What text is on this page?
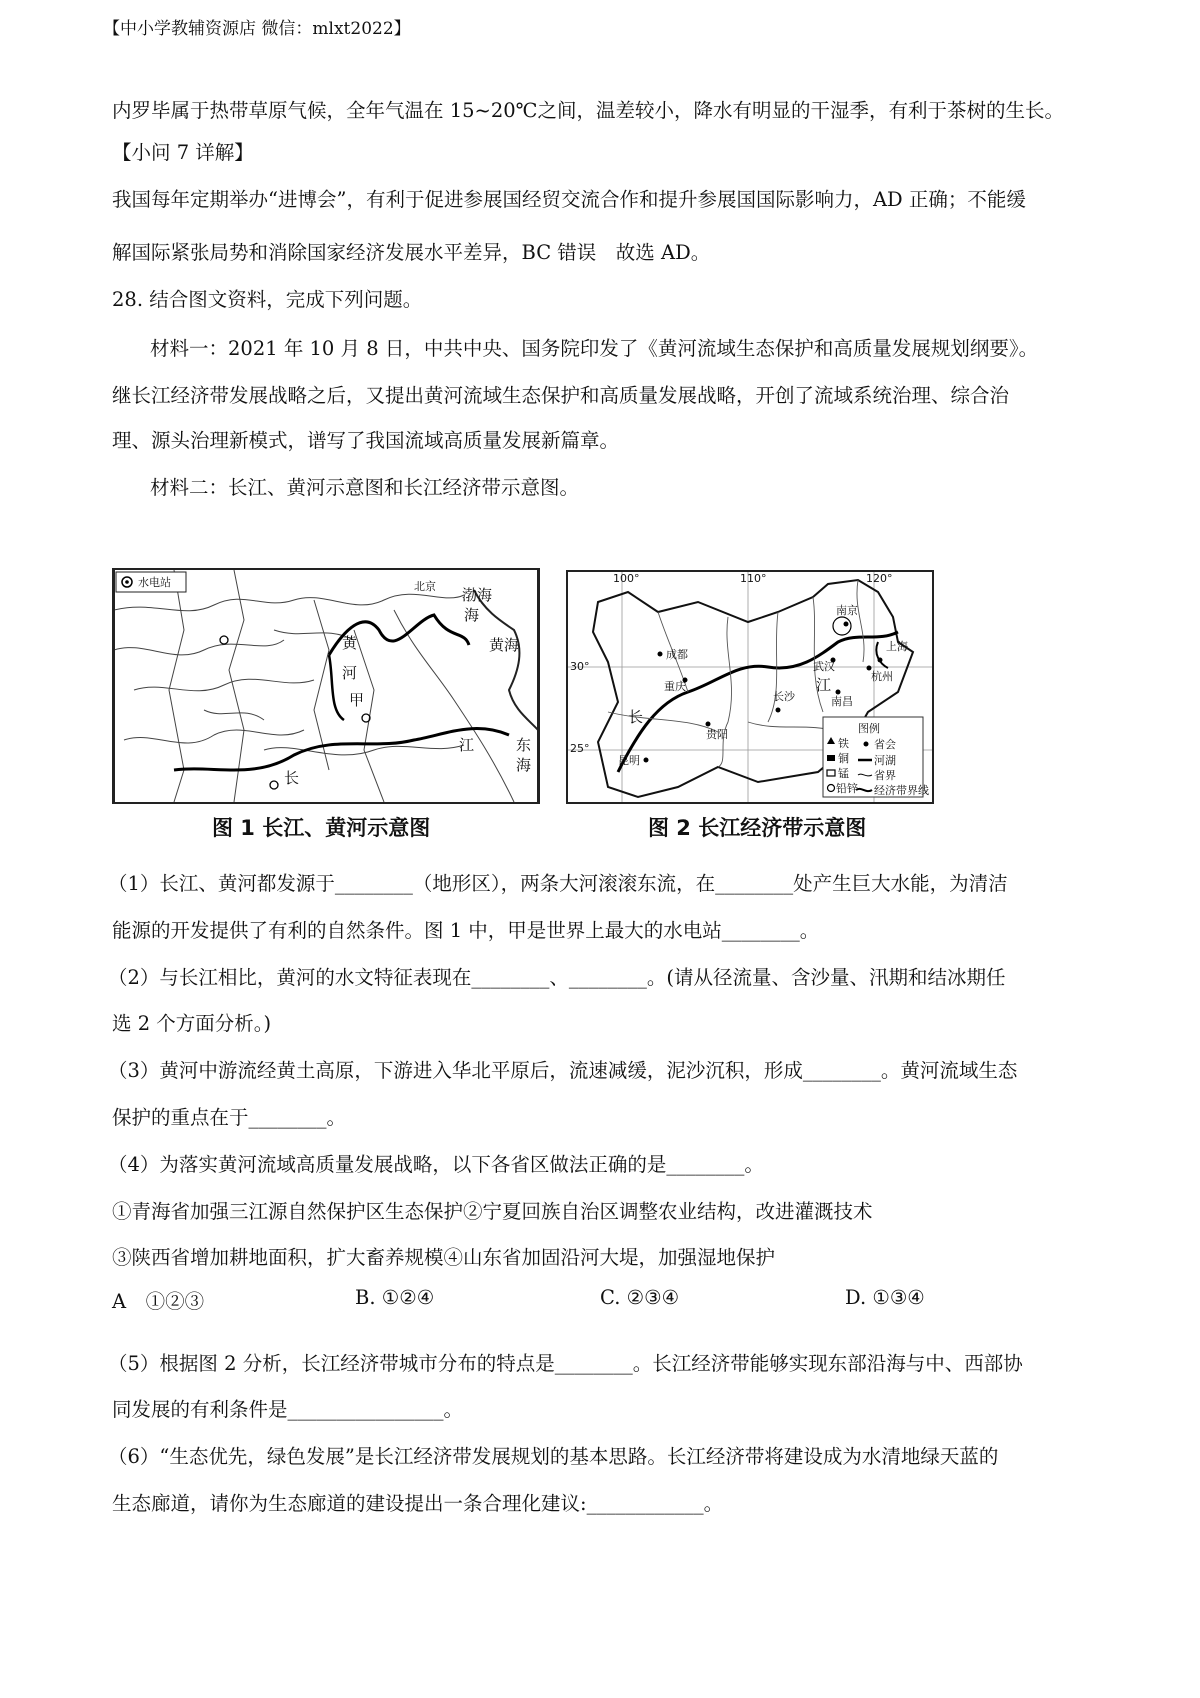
【中小学教辅资源店 微信：mlxt2022】
内罗毕属于热带草原气候，全年气温在 15~20℃之间，温差较小，降水有明显的干湿季，有利于茶树的生长。
【小问 7 详解】
我国每年定期举办“进博会”，有利于促进参展国经贸交流合作和提升参展国国际影响力，AD 正确；不能缓
解国际紧张局势和消除国家经济发展水平差异，BC 错误　故选 AD。
28. 结合图文资料，完成下列问题。
材料一：2021 年 10 月 8 日，中共中央、国务院印发了《黄河流域生态保护和高质量发展规划纲要》。
继长江经济带发展战略之后，又提出黄河流域生态保护和高质量发展战略，开创了流域系统治理、综合治
理、源头治理新模式，谱写了我国流域高质量发展新篇章。
材料二：长江、黄河示意图和长江经济带示意图。
水电站	北京 渤海
海
黄海
黄
河
甲
长
江	东
海
图 1 长江、黄河示意图
100°	110°	120°
30°
25°
南京
上海
武汉
杭州
成都
重庆
南昌
长沙
贵阳
昆明
长
江
图例
省会
河湖
省界
经济带界线
铁
铜
锰
铅锌
图 2 长江经济带示意图
（1）长江、黄河都发源于________（地形区），两条大河滚滚东流，在________处产生巨大水能，为清洁
能源的开发提供了有利的自然条件。图 1 中，甲是世界上最大的水电站________。
（2）与长江相比，黄河的水文特征表现在________、________。(请从径流量、含沙量、汛期和结冰期任
选 2 个方面分析。)
（3）黄河中游流经黄土高原，下游进入华北平原后，流速减缓，泥沙沉积，形成________。黄河流域生态
保护的重点在于________。
（4）为落实黄河流域高质量发展战略，以下各省区做法正确的是________。
①青海省加强三江源自然保护区生态保护②宁夏回族自治区调整农业结构，改进灌溉技术
③陕西省增加耕地面积，扩大畜养规模④山东省加固沿河大堤，加强湿地保护
A　①②③	B. ①②④	C. ②③④	D. ①③④
（5）根据图 2 分析，长江经济带城市分布的特点是________。长江经济带能够实现东部沿海与中、西部协
同发展的有利条件是________________。
（6）“生态优先，绿色发展”是长江经济带发展规划的基本思路。长江经济带将建设成为水清地绿天蓝的
生态廊道，请你为生态廊道的建设提出一条合理化建议:____________。
